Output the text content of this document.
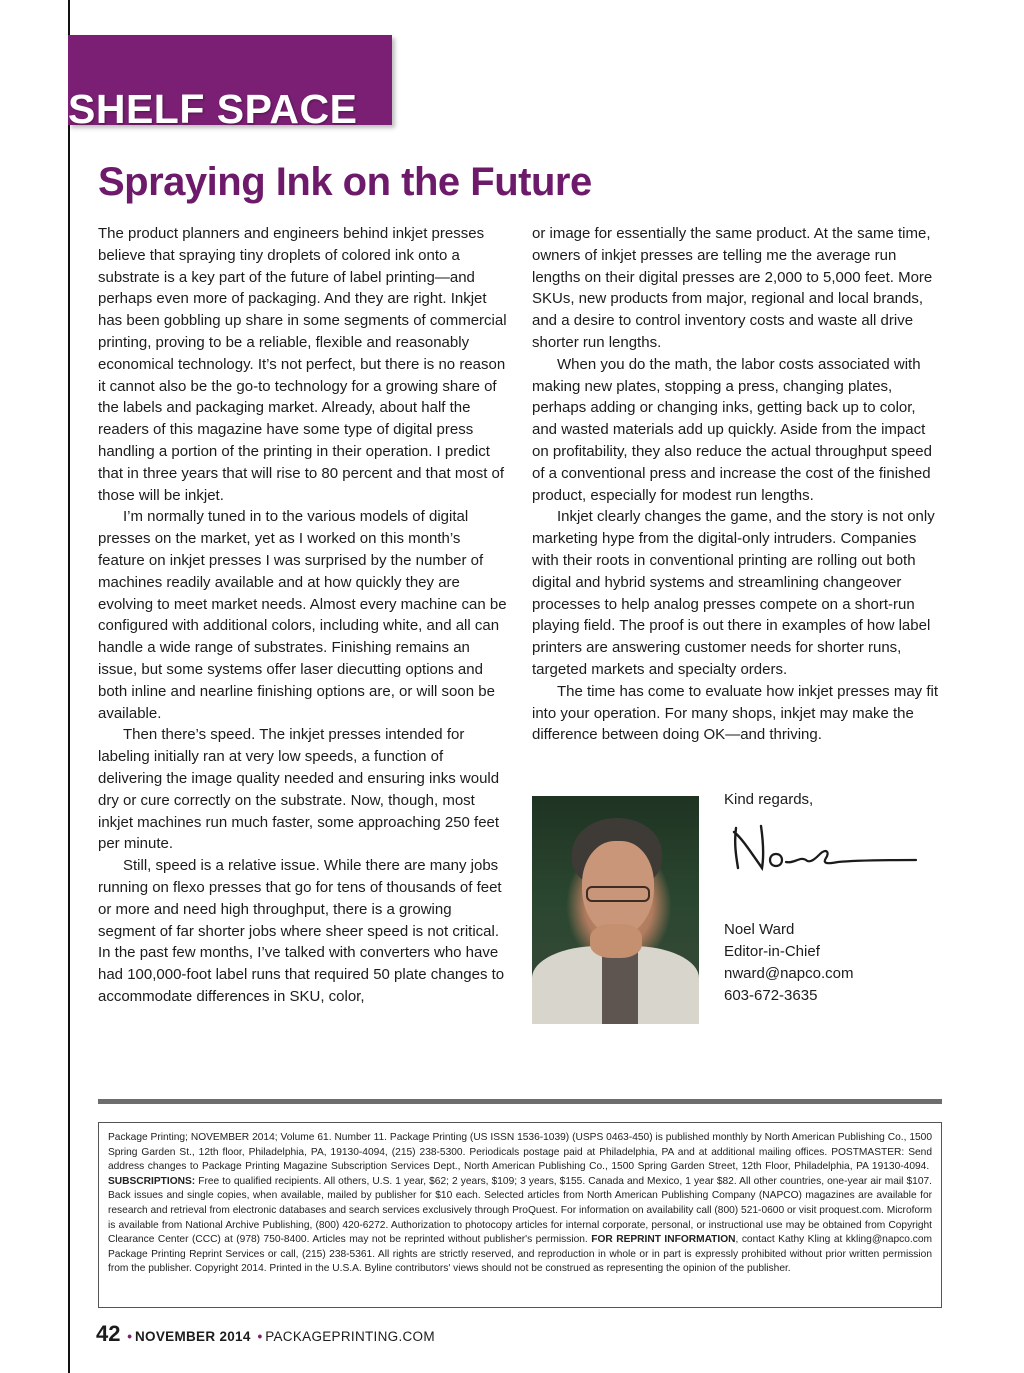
SHELF SPACE
Spraying Ink on the Future

The product planners and engineers behind inkjet presses believe that spraying tiny droplets of colored ink onto a substrate is a key part of the future of label printing—and perhaps even more of packaging. And they are right. Inkjet has been gobbling up share in some segments of commercial printing, proving to be a reliable, flexible and reasonably economical technology. It’s not perfect, but there is no reason it cannot also be the go-to technology for a growing share of the labels and packaging market. Already, about half the readers of this magazine have some type of digital press handling a portion of the printing in their operation. I predict that in three years that will rise to 80 percent and that most of those will be inkjet.

I’m normally tuned in to the various models of digital presses on the market, yet as I worked on this month’s feature on inkjet presses I was surprised by the number of machines readily available and at how quickly they are evolving to meet market needs. Almost every machine can be configured with additional colors, including white, and all can handle a wide range of substrates. Finishing remains an issue, but some systems offer laser diecutting options and both inline and nearline finishing options are, or will soon be available.

Then there’s speed. The inkjet presses intended for labeling initially ran at very low speeds, a function of delivering the image quality needed and ensuring inks would dry or cure correctly on the substrate. Now, though, most inkjet machines run much faster, some approaching 250 feet per minute.

Still, speed is a relative issue. While there are many jobs running on flexo presses that go for tens of thousands of feet or more and need high throughput, there is a growing segment of far shorter jobs where sheer speed is not critical. In the past few months, I’ve talked with converters who have had 100,000-foot label runs that required 50 plate changes to accommodate differences in SKU, color,

or image for essentially the same product. At the same time, owners of inkjet presses are telling me the average run lengths on their digital presses are 2,000 to 5,000 feet. More SKUs, new products from major, regional and local brands, and a desire to control inventory costs and waste all drive shorter run lengths.

When you do the math, the labor costs associated with making new plates, stopping a press, changing plates, perhaps adding or changing inks, getting back up to color, and wasted materials add up quickly. Aside from the impact on profitability, they also reduce the actual throughput speed of a conventional press and increase the cost of the finished product, especially for modest run lengths.

Inkjet clearly changes the game, and the story is not only marketing hype from the digital-only intruders. Companies with their roots in conventional printing are rolling out both digital and hybrid systems and streamlining changeover processes to help analog presses compete on a short-run playing field. The proof is out there in examples of how label printers are answering customer needs for shorter runs, targeted markets and specialty orders.

The time has come to evaluate how inkjet presses may fit into your operation. For many shops, inkjet may make the difference between doing OK—and thriving.

Kind regards,
Noel Ward
Editor-in-Chief
nward@napco.com
603-672-3635
Package Printing; NOVEMBER 2014; Volume 61. Number 11. Package Printing (US ISSN 1536-1039) (USPS 0463-450) is published monthly by North American Publishing Co., 1500 Spring Garden St., 12th floor, Philadelphia, PA, 19130-4094, (215) 238-5300. Periodicals postage paid at Philadelphia, PA and at additional mailing offices. POSTMASTER: Send address changes to Package Printing Magazine Subscription Services Dept., North American Publishing Co., 1500 Spring Garden Street, 12th Floor, Philadelphia, PA 19130-4094.  SUBSCRIPTIONS: Free to qualified recipients. All others, U.S. 1 year, $62; 2 years, $109; 3 years, $155. Canada and Mexico, 1 year $82. All other countries, one-year air mail $107. Back issues and single copies, when available, mailed by publisher for $10 each. Selected articles from North American Publishing Company (NAPCO) magazines are available for research and retrieval from electronic databases and search services exclusively through ProQuest. For information on availability call (800) 521-0600 or visit proquest.com. Microform is available from National Archive Publishing, (800) 420-6272. Authorization to photocopy articles for internal corporate, personal, or instructional use may be obtained from Copyright Clearance Center (CCC) at (978) 750-8400. Articles may not be reprinted without publisher's permission. FOR REPRINT INFORMATION, contact Kathy Kling at kkling@napco.com Package Printing Reprint Services or call, (215) 238-5361. All rights are strictly reserved, and reproduction in whole or in part is expressly prohibited without prior written permission from the publisher. Copyright 2014. Printed in the U.S.A. Byline contributors' views should not be construed as representing the opinion of the publisher.
42 • NOVEMBER 2014 • PACKAGEPRINTING.COM
